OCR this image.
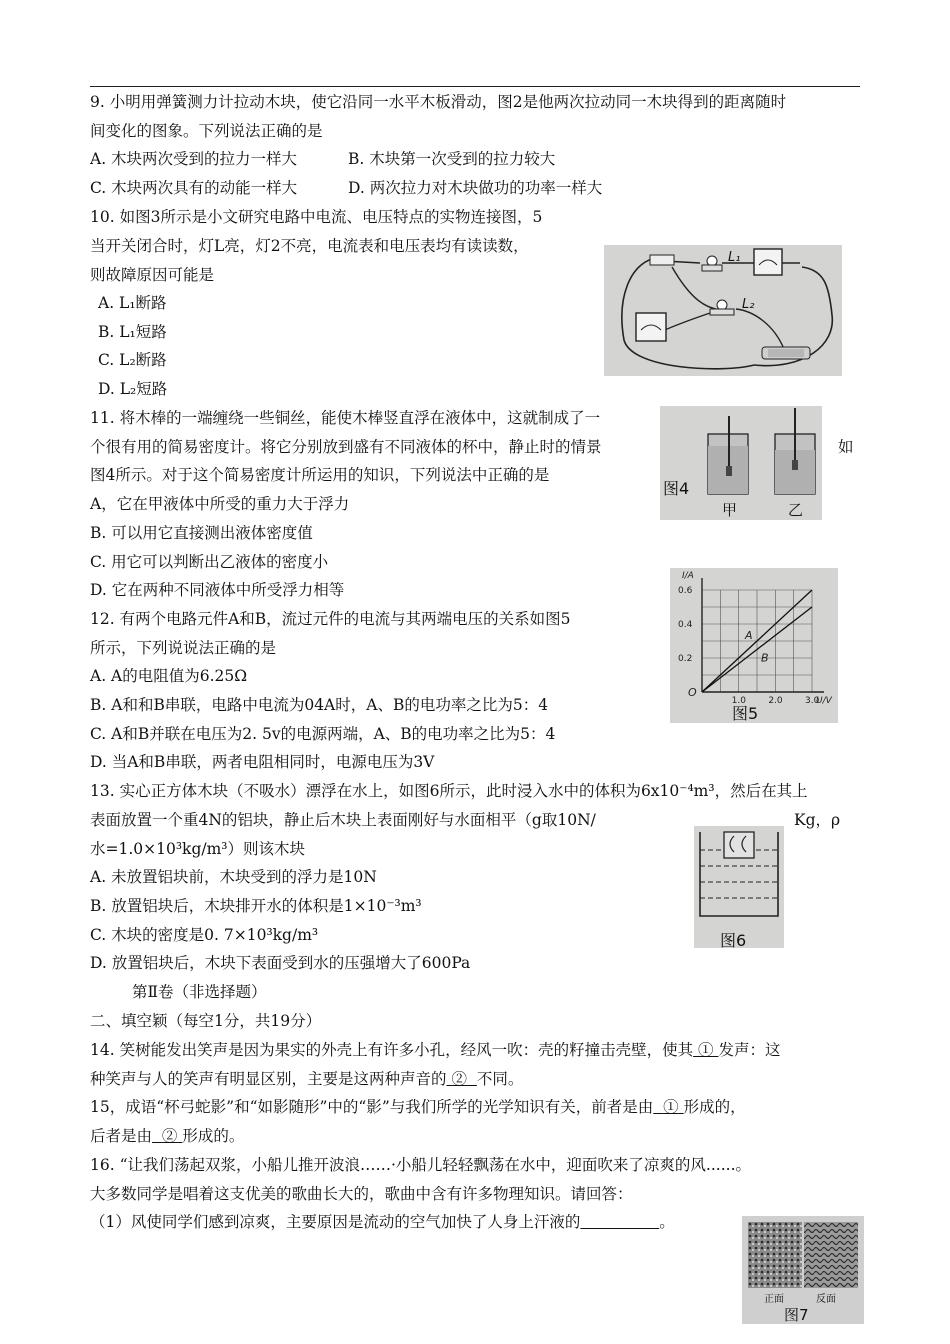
9. 小明用弹簧测力计拉动木块，使它沿同一水平木板滑动，图2是他两次拉动同一木块得到的距离随时
间变化的图象。下列说法正确的是
A. 木块两次受到的拉力一样大	B. 木块第一次受到的拉力较大
C. 木块两次具有的动能一样大	D. 两次拉力对木块做功的功率一样大
10. 如图3所示是小文研究电路中电流、电压特点的实物连接图，5
当开关闭合时，灯L亮，灯2不亮，电流表和电压表均有读读数，
则故障原因可能是
A. L₁断路
B. L₁短路
C. L₂断路
D. L₂短路
L₁
L₂
11. 将木棒的一端缠绕一些铜丝，能使木棒竖直浮在液体中，这就制成了一
个很有用的简易密度计。将它分别放到盛有不同液体的杯中，静止时的情景	如
图4所示。对于这个简易密度计所运用的知识，下列说法中正确的是
A，它在甲液体中所受的重力大于浮力
B. 可以用它直接测出液体密度值
C. 用它可以判断出乙液体的密度小
D. 它在两种不同液体中所受浮力相等
图4
甲	乙
12. 有两个电路元件A和B，流过元件的电流与其两端电压的关系如图5
所示，下列说说法正确的是
A. A的电阻值为6.25Ω
B. A和和B串联，电路中电流为04A时，A、B的电功率之比为5：4
C. A和B并联在电压为2. 5v的电源两端，A、B的电功率之比为5：4
D. 当A和B串联，两者电阻相同时，电源电压为3V
1.0 2.0 3.0
0.2
0.4
0.6
O
I/A
U/V
A
B
图5
13. 实心正方体木块（不吸水）漂浮在水上，如图6所示，此时浸入水中的体积为6x10⁻⁴m³，然后在其上
表面放置一个重4N的铝块，静止后木块上表面刚好与水面相平（g取10N/	Kg，ρ
水=1.0×10³kg/m³）则该木块
A. 未放置铝块前，木块受到的浮力是10N
B. 放置铝块后，木块排开水的体积是1×10⁻³m³
C. 木块的密度是0. 7×10³kg/m³
D. 放置铝块后，木块下表面受到水的压强增大了600Pa
图6
第Ⅱ卷（非选择题）
二、填空颖（每空1分，共19分）
14. 笑树能发出笑声是因为果实的外壳上有许多小孔，经风一吹：壳的籽撞击壳壁，使其 ① 发声：这
种笑声与人的笑声有明显区别，主要是这两种声音的 ② 不同。
15，成语“杯弓蛇影”和“如影随形”中的“影”与我们所学的光学知识有关，前者是由 ① 形成的，
后者是由 ② 形成的。
16. “让我们荡起双浆，小船儿推开波浪……·小船儿轻轻飘荡在水中，迎面吹来了凉爽的风......。
大多数同学是唱着这支优美的歌曲长大的，歌曲中含有许多物理知识。请回答：
（1）风使同学们感到凉爽，主要原因是流动的空气加快了人身上汗液的	。
正面	反面
图7
